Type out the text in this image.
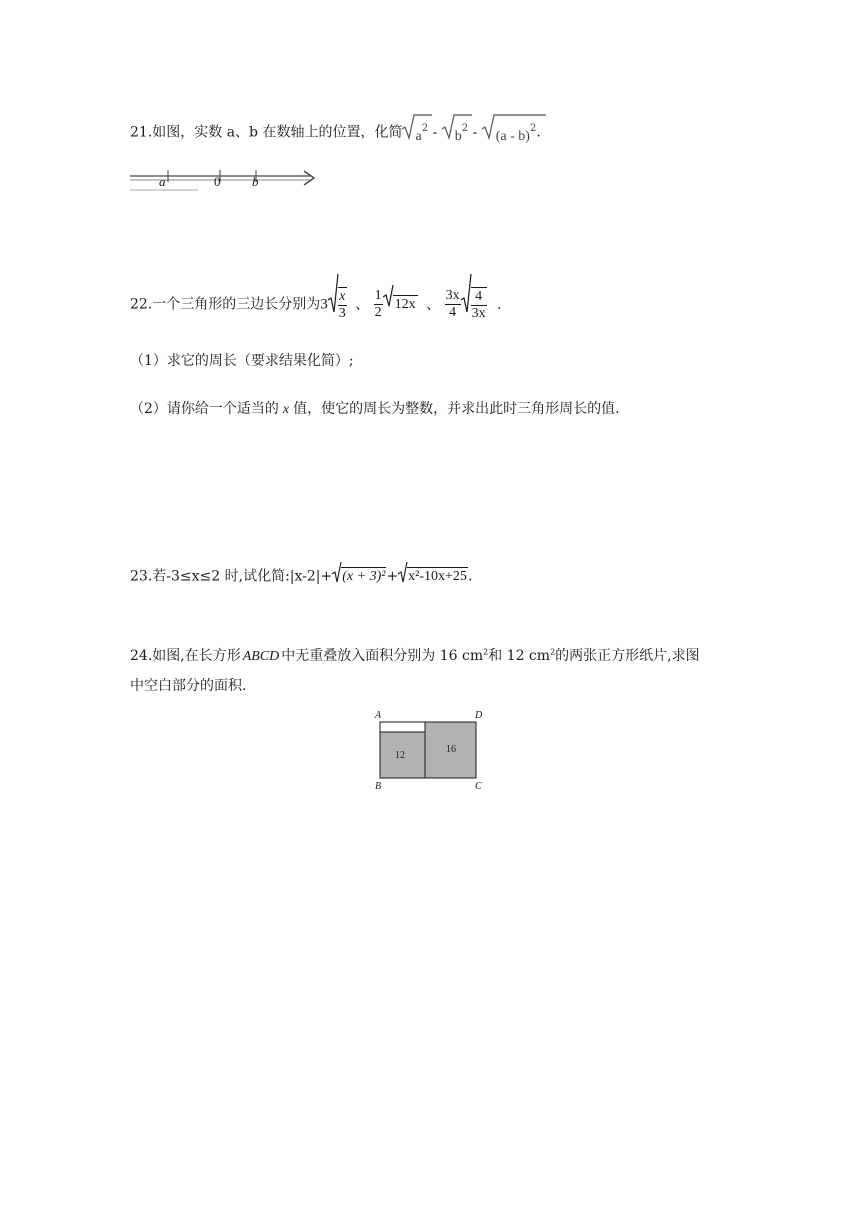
21.如图，实数 a、b 在数轴上的位置，化简 $a^2 - b^2 - (a - b)^2$.
a	0 b
22.一个三角形的三边长分别为$3 \frac{x}{3}$ 、 $\frac{1}{2} 12x$ 、 $\frac{3x}{4} \frac{4}{3x}$ .
（1）求它的周长（要求结果化简）;
（2）请你给一个适当的 x 值，使它的周长为整数，并求出此时三角形周长的值.
23.若-3≤x≤2 时,试化简:|x-2|+ (x + 3)²+ x²-10x+25.
24.如图,在长方形 ABCD 中无重叠放入面积分别为 16 $cm^2$和 12 $cm^2$的两张正方形纸片,求图
中空白部分的面积.
A	D
B	C
12
16
